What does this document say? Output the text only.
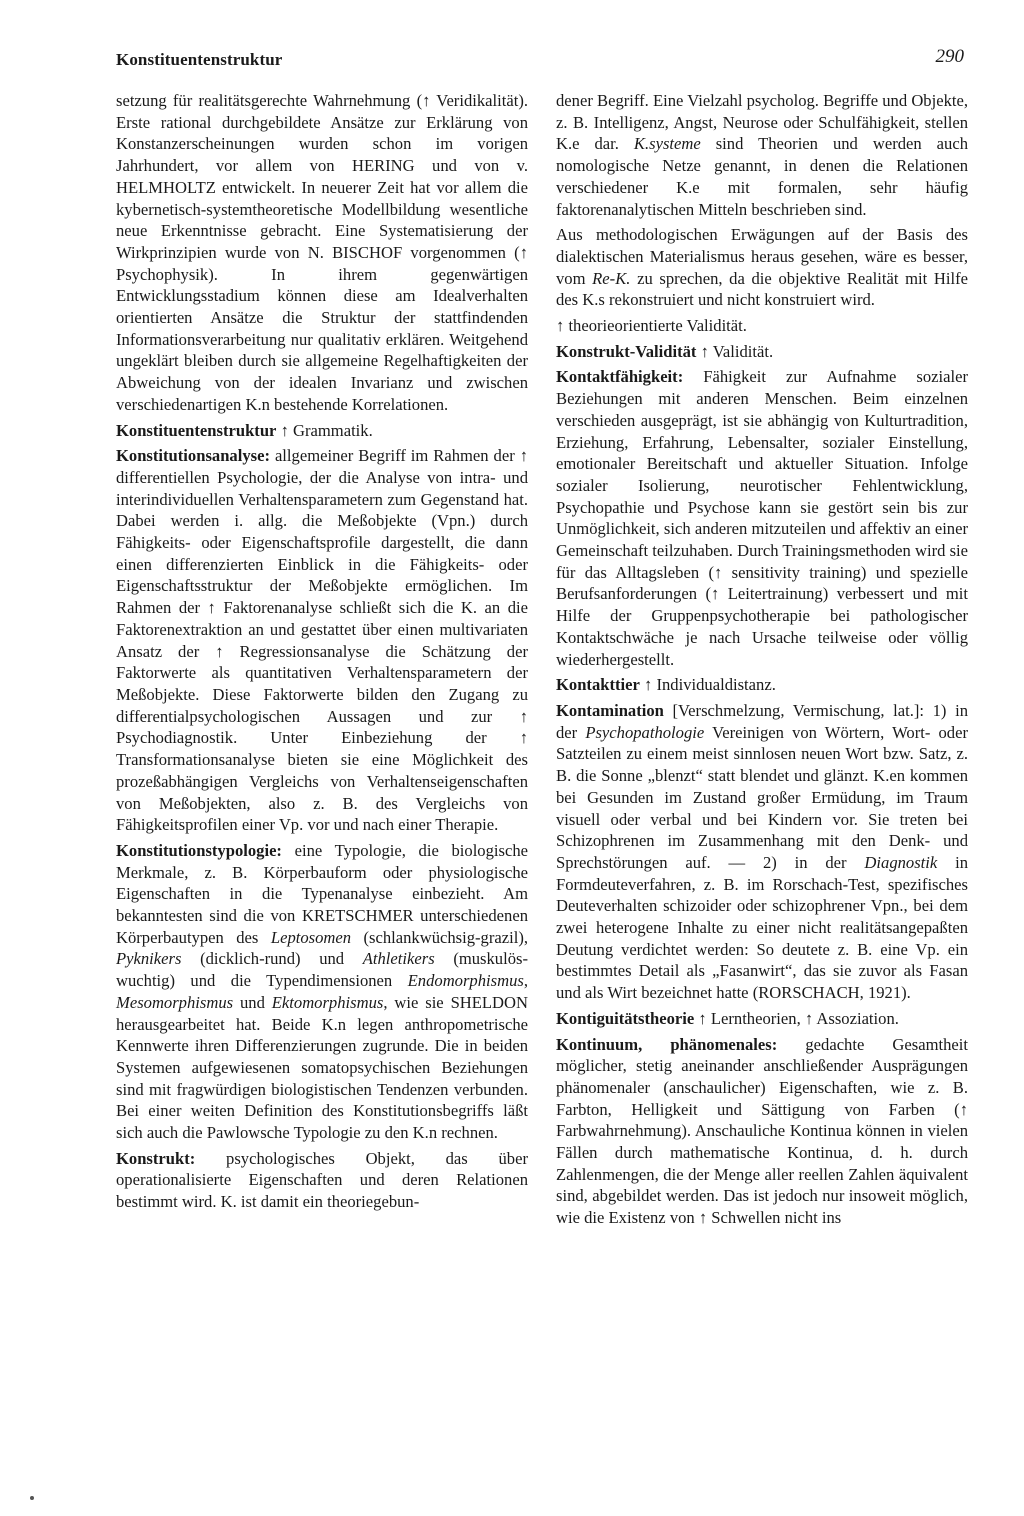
Konstituentenstruktur	290

setzung für realitätsgerechte Wahrnehmung (↑ Veridikalität). Erste rational durchgebildete Ansätze zur Erklärung von Konstanzerscheinungen wurden schon im vorigen Jahrhundert, vor allem von HERING und von v. HELMHOLTZ entwickelt. In neuerer Zeit hat vor allem die kybernetisch-systemtheoretische Modellbildung wesentliche neue Erkenntnisse gebracht. Eine Systematisierung der Wirkprinzipien wurde von N. BISCHOF vorgenommen (↑ Psychophysik). In ihrem gegenwärtigen Entwicklungsstadium können diese am Idealverhalten orientierten Ansätze die Struktur der stattfindenden Informationsverarbeitung nur qualitativ erklären. Weitgehend ungeklärt bleiben durch sie allgemeine Regelhaftigkeiten der Abweichung von der idealen Invarianz und zwischen verschiedenartigen K.n bestehende Korrelationen.

Konstituentenstruktur ↑ Grammatik.

Konstitutionsanalyse: allgemeiner Begriff im Rahmen der ↑ differentiellen Psychologie, der die Analyse von intra- und interindividuellen Verhaltensparametern zum Gegenstand hat. Dabei werden i. allg. die Meßobjekte (Vpn.) durch Fähigkeits- oder Eigenschaftsprofile dargestellt, die dann einen differenzierten Einblick in die Fähigkeits- oder Eigenschaftsstruktur der Meßobjekte ermöglichen. Im Rahmen der ↑ Faktorenanalyse schließt sich die K. an die Faktorenextraktion an und gestattet über einen multivariaten Ansatz der ↑ Regressionsanalyse die Schätzung der Faktorwerte als quantitativen Verhaltensparametern der Meßobjekte. Diese Faktorwerte bilden den Zugang zu differentialpsychologischen Aussagen und zur ↑ Psychodiagnostik. Unter Einbeziehung der ↑ Transformationsanalyse bieten sie eine Möglichkeit des prozeßabhängigen Vergleichs von Verhaltenseigenschaften von Meßobjekten, also z. B. des Vergleichs von Fähigkeitsprofilen einer Vp. vor und nach einer Therapie.

Konstitutionstypologie: eine Typologie, die biologische Merkmale, z. B. Körperbauform oder physiologische Eigenschaften in die Typenanalyse einbezieht. Am bekanntesten sind die von KRETSCHMER unterschiedenen Körperbautypen des Leptosomen (schlankwüchsig-grazil), Pyknikers (dicklich-rund) und Athletikers (muskulös-wuchtig) und die Typendimensionen Endomorphismus, Mesomorphismus und Ektomorphismus, wie sie SHELDON herausgearbeitet hat. Beide K.n legen anthropometrische Kennwerte ihren Differenzierungen zugrunde. Die in beiden Systemen aufgewiesenen somatopsychischen Beziehungen sind mit fragwürdigen biologistischen Tendenzen verbunden. Bei einer weiten Definition des Konstitutionsbegriffs läßt sich auch die Pawlowsche Typologie zu den K.n rechnen.

Konstrukt: psychologisches Objekt, das über operationalisierte Eigenschaften und deren Relationen bestimmt wird. K. ist damit ein theoriegebun-

dener Begriff. Eine Vielzahl psycholog. Begriffe und Objekte, z. B. Intelligenz, Angst, Neurose oder Schulfähigkeit, stellen K.e dar. K.systeme sind Theorien und werden auch nomologische Netze genannt, in denen die Relationen verschiedener K.e mit formalen, sehr häufig faktorenanalytischen Mitteln beschrieben sind.

Aus methodologischen Erwägungen auf der Basis des dialektischen Materialismus heraus gesehen, wäre es besser, vom Re-K. zu sprechen, da die objektive Realität mit Hilfe des K.s rekonstruiert und nicht konstruiert wird.

↑ theorieorientierte Validität.

Konstrukt-Validität ↑ Validität.

Kontaktfähigkeit: Fähigkeit zur Aufnahme sozialer Beziehungen mit anderen Menschen. Beim einzelnen verschieden ausgeprägt, ist sie abhängig von Kulturtradition, Erziehung, Erfahrung, Lebensalter, sozialer Einstellung, emotionaler Bereitschaft und aktueller Situation. Infolge sozialer Isolierung, neurotischer Fehlentwicklung, Psychopathie und Psychose kann sie gestört sein bis zur Unmöglichkeit, sich anderen mitzuteilen und affektiv an einer Gemeinschaft teilzuhaben. Durch Trainingsmethoden wird sie für das Alltagsleben (↑ sensitivity training) und spezielle Berufsanforderungen (↑ Leitertrainung) verbessert und mit Hilfe der Gruppenpsychotherapie bei pathologischer Kontaktschwäche je nach Ursache teilweise oder völlig wiederhergestellt.

Kontakttier ↑ Individualdistanz.

Kontamination [Verschmelzung, Vermischung, lat.]: 1) in der Psychopathologie Vereinigen von Wörtern, Wort- oder Satzteilen zu einem meist sinnlosen neuen Wort bzw. Satz, z. B. die Sonne „blenzt“ statt blendet und glänzt. K.en kommen bei Gesunden im Zustand großer Ermüdung, im Traum visuell oder verbal und bei Kindern vor. Sie treten bei Schizophrenen im Zusammenhang mit den Denk- und Sprechstörungen auf. — 2) in der Diagnostik in Formdeuteverfahren, z. B. im Rorschach-Test, spezifisches Deuteverhalten schizoider oder schizophrener Vpn., bei dem zwei heterogene Inhalte zu einer nicht realitätsangepaßten Deutung verdichtet werden: So deutete z. B. eine Vp. ein bestimmtes Detail als „Fasanwirt“, das sie zuvor als Fasan und als Wirt bezeichnet hatte (RORSCHACH, 1921).

Kontiguitätstheorie ↑ Lerntheorien, ↑ Assoziation.

Kontinuum, phänomenales: gedachte Gesamtheit möglicher, stetig aneinander anschließender Ausprägungen phänomenaler (anschaulicher) Eigenschaften, wie z. B. Farbton, Helligkeit und Sättigung von Farben (↑ Farbwahrnehmung). Anschauliche Kontinua können in vielen Fällen durch mathematische Kontinua, d. h. durch Zahlenmengen, die der Menge aller reellen Zahlen äquivalent sind, abgebildet werden. Das ist jedoch nur insoweit möglich, wie die Existenz von ↑ Schwellen nicht ins
